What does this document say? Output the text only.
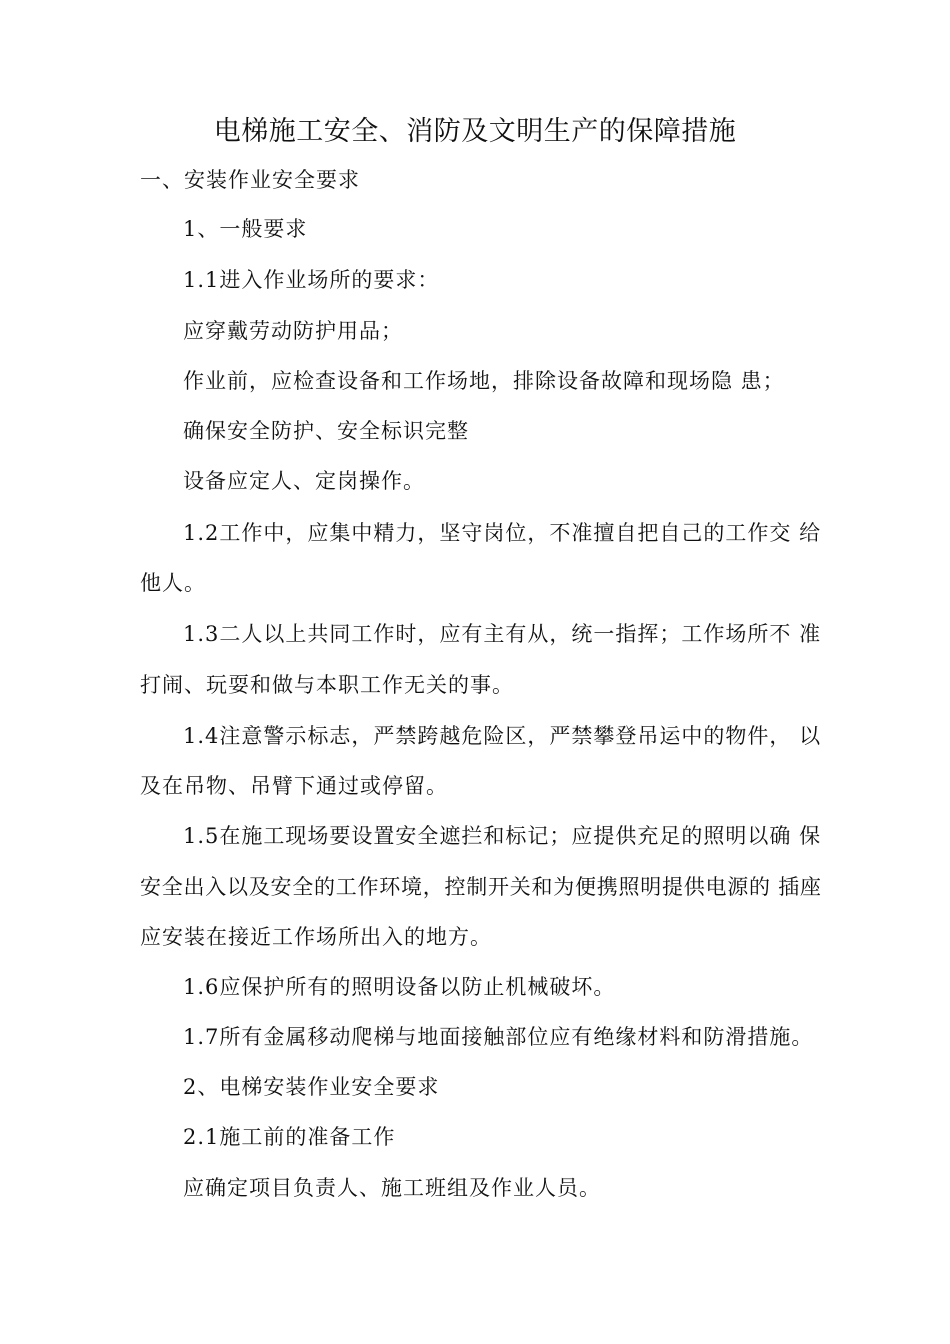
电梯施工安全、消防及文明生产的保障措施
一、安装作业安全要求
1、一般要求
1.1进入作业场所的要求：
应穿戴劳动防护用品；
作业前，应检查设备和工作场地，排除设备故障和现场隐 患；
确保安全防护、安全标识完整
设备应定人、定岗操作。
1.2工作中，应集中精力，坚守岗位，不准擅自把自己的工作交 给
他人。
1.3二人以上共同工作时，应有主有从，统一指挥；工作场所不 准
打闹、玩耍和做与本职工作无关的事。
1.4注意警示标志，严禁跨越危险区，严禁攀登吊运中的物件， 以
及在吊物、吊臂下通过或停留。
1.5在施工现场要设置安全遮拦和标记；应提供充足的照明以确 保
安全出入以及安全的工作环境，控制开关和为便携照明提供电源的 插座
应安装在接近工作场所出入的地方。
1.6应保护所有的照明设备以防止机械破坏。
1.7所有金属移动爬梯与地面接触部位应有绝缘材料和防滑措施。
2、电梯安装作业安全要求
2.1施工前的准备工作
应确定项目负责人、施工班组及作业人员。
